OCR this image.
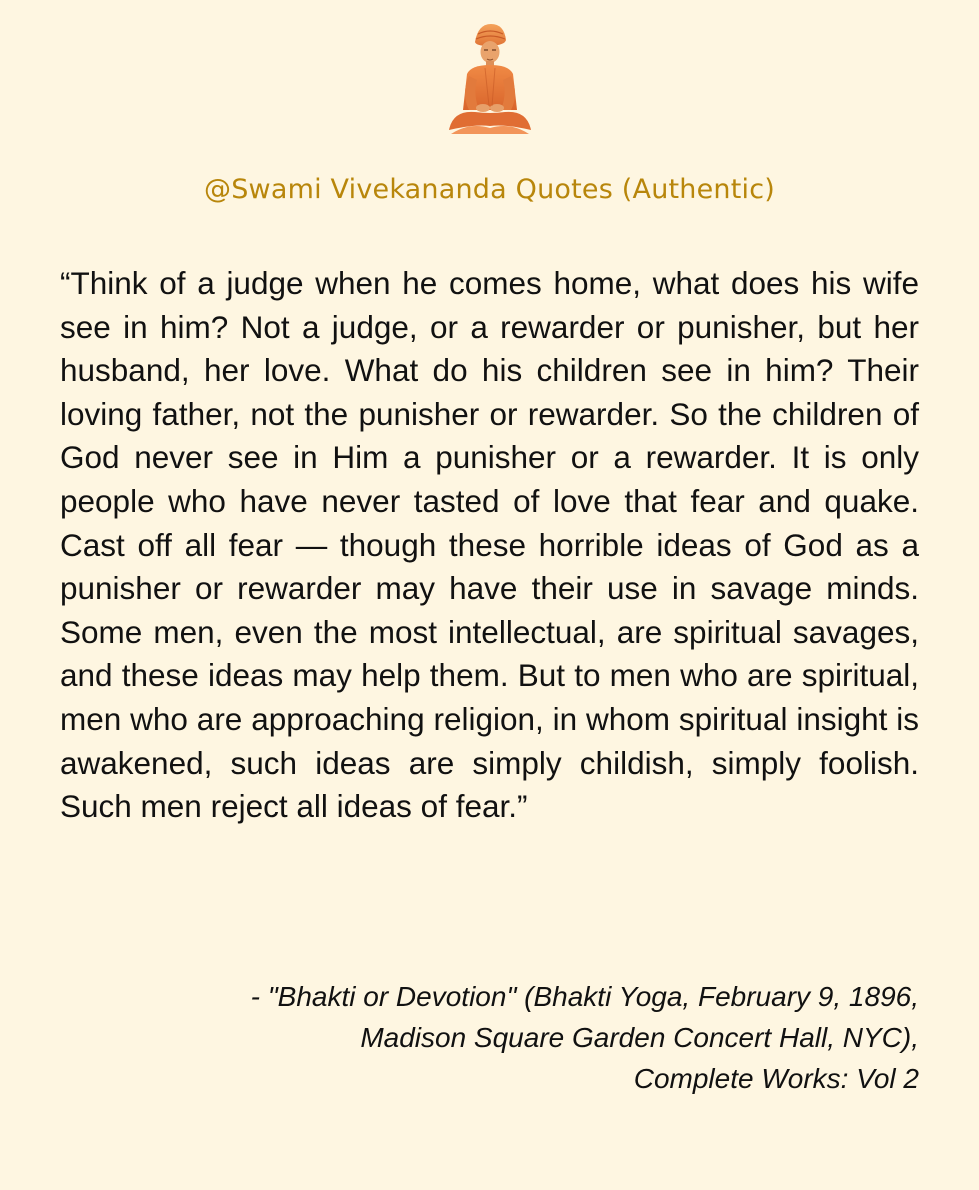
@Swami Vivekananda Quotes (Authentic)

“Think of a judge when he comes home, what does his wife see in him? Not a judge, or a rewarder or punisher, but her husband, her love. What do his children see in him? Their loving father, not the punisher or rewarder. So the children of God never see in Him a punisher or a rewarder. It is only people who have never tasted of love that fear and quake. Cast off all fear — though these horrible ideas of God as a punisher or rewarder may have their use in savage minds. Some men, even the most intellectual, are spiritual savages, and these ideas may help them. But to men who are spiritual, men who are approaching religion, in whom spiritual insight is awakened, such ideas are simply childish, simply foolish. Such men reject all ideas of fear.”

- "Bhakti or Devotion" (Bhakti Yoga, February 9, 1896,
Madison Square Garden Concert Hall, NYC),
Complete Works: Vol 2
